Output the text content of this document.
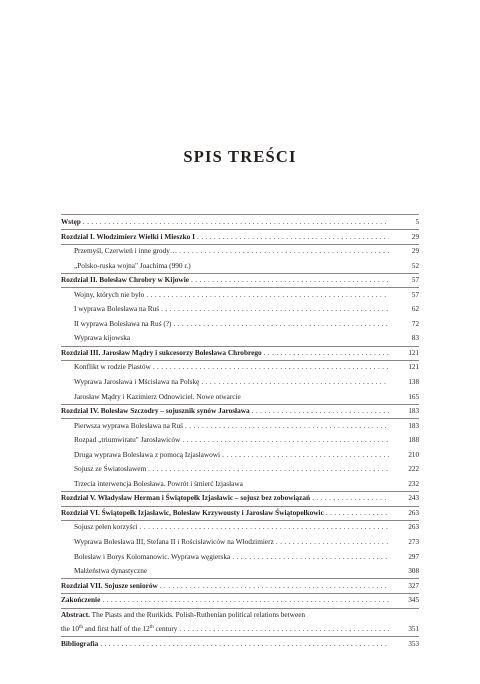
SPIS TREŚCI
Wstęp . . .	5
Rozdział I. Włodzimierz Wielki i Mieszko I . . .	29
Przemyśl, Czerwień i inne grody… . . .	29
„Polsko-ruska wojna" Joachima (990 r.)	52
Rozdział II. Bolesław Chrobry w Kijowie . . .	57
Wojny, których nie było . . .	57
I wyprawa Bolesława na Ruś . . .	62
II wyprawa Bolesława na Ruś (?) . . .	72
Wyprawa kijowska	83
Rozdział III. Jarosław Mądry i sukcesorzy Bolesława Chrobrego . . .	121
Konflikt w rodzie Piastów . . .	121
Wyprawa Jarosława i Mścisława na Polskę . . .	138
Jarosław Mądry i Kazimierz Odnowiciel. Nowe otwarcie	165
Rozdział IV. Bolesław Szczodry – sojusznik synów Jarosława . . .	183
Pierwsza wyprawa Bolesława na Ruś . . .	183
Rozpad „triumwiratu" Jarosławiców . . .	188
Druga wyprawa Bolesława z pomocą Izjasławowi . . .	210
Sojusz ze Światosławem . . .	222
Trzecia interwencja Bolesława. Powrót i śmierć Izjasława	232
Rozdział V. Władysław Herman i Świątopełk Izjasławic – sojusz bez zobowiązań . . .	243
Rozdział VI. Świątopełk Izjasławic, Bolesław Krzywousty i Jarosław Świątopełkowic . . .	263
Sojusz pełen korzyści . . .	263
Wyprawa Bolesława III, Stefana II i Rościsławiców na Włodzimierz . . .	273
Bolesław i Borys Kolomanowic. Wyprawa węgierska . . .	297
Małżeństwa dynastyczne	308
Rozdział VII. Sojusze seniorów . . .	327
Zakończenie . . .	345
Abstract. The Piasts and the Rurikids. Polish-Ruthenian political relations between
the 10th and first half of the 12th century . . .	351
Bibliografia . . .	353
